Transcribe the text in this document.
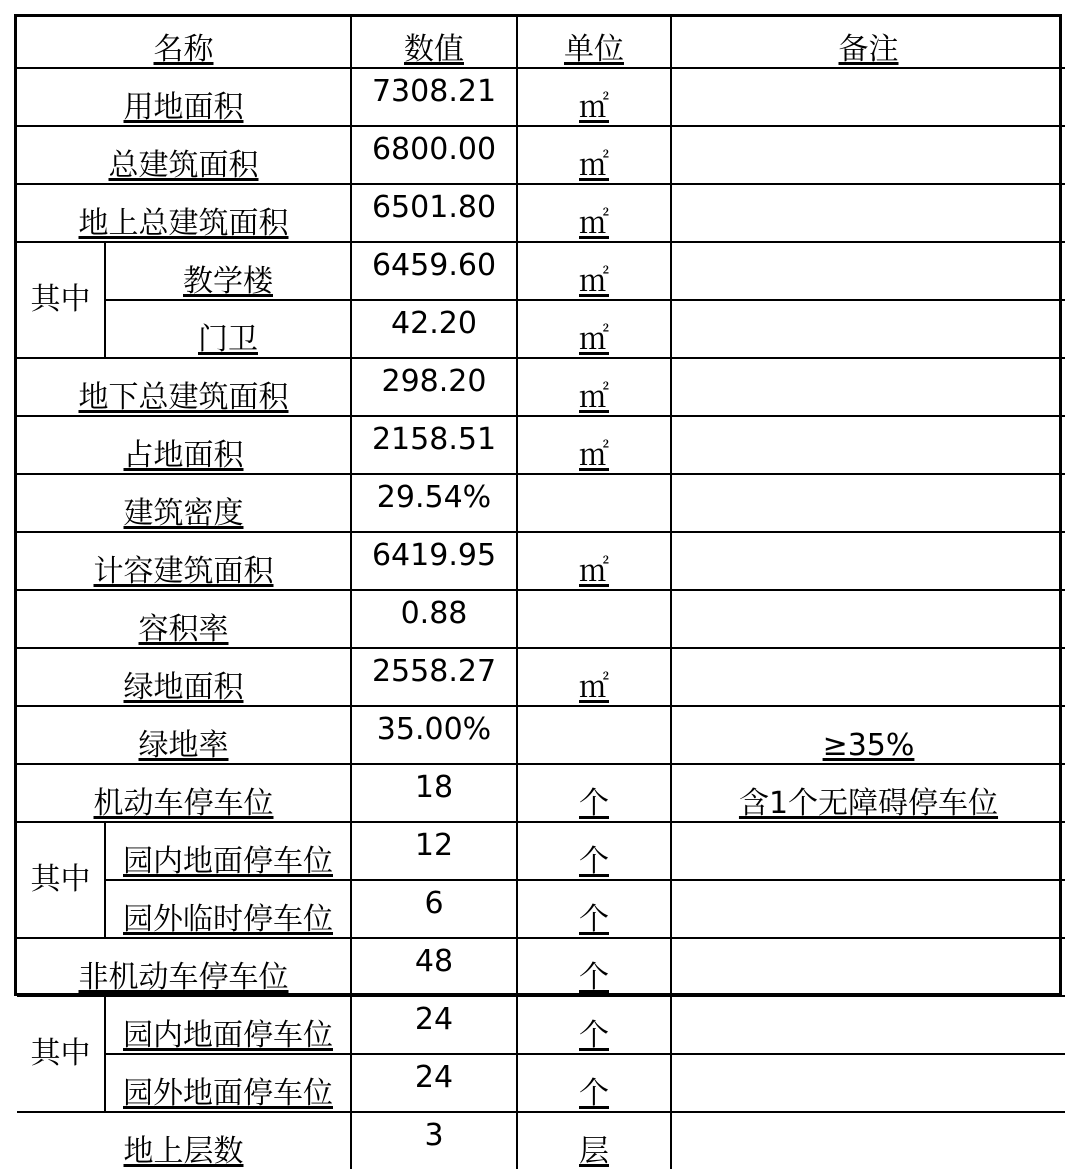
名称		数值	单位	备注
用地面积		7308.21	㎡	
总建筑面积		6800.00	㎡	
地上总建筑面积		6501.80	㎡	
其中	教学楼	6459.60	㎡	
	门卫	42.20	㎡	
地下总建筑面积		298.20	㎡	
占地面积		2158.51	㎡	
建筑密度		29.54%		
计容建筑面积		6419.95	㎡	
容积率		0.88		
绿地面积		2558.27	㎡	
绿地率		35.00%		≥35%
机动车停车位		18	个	含1个无障碍停车位
其中	园内地面停车位	12	个	
	园外临时停车位	6	个	
非机动车停车位		48	个	
其中	园内地面停车位	24	个	
	园外地面停车位	24	个	
地上层数		3	层	
